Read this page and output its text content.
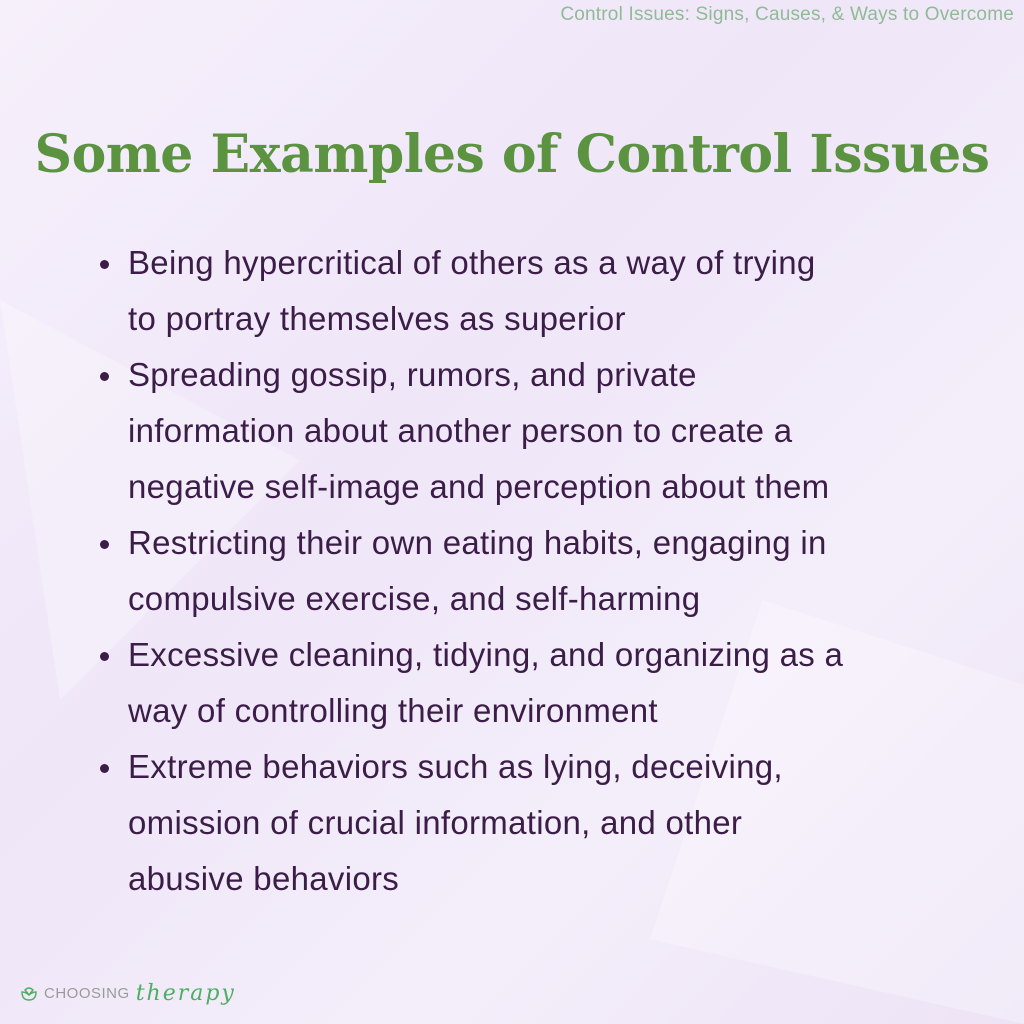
Control Issues: Signs, Causes, & Ways to Overcome
Some Examples of Control Issues
Being hypercritical of others as a way of trying
to portray themselves as superior
Spreading gossip, rumors, and private
information about another person to create a
negative self-image and perception about them
Restricting their own eating habits, engaging in
compulsive exercise, and self-harming
Excessive cleaning, tidying, and organizing as a
way of controlling their environment
Extreme behaviors such as lying, deceiving,
omission of crucial information, and other
abusive behaviors
CHOOSING therapy
